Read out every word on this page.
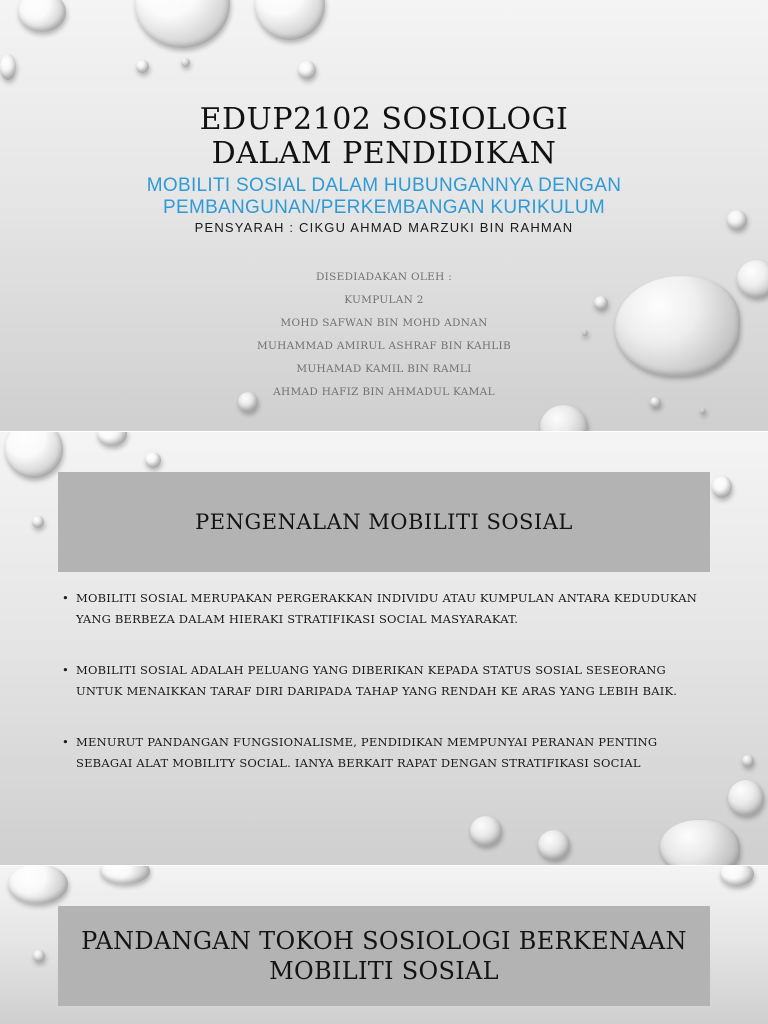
EDUP2102 SOSIOLOGI
DALAM PENDIDIKAN
MOBILITI SOSIAL DALAM HUBUNGANNYA DENGAN
PEMBANGUNAN/PERKEMBANGAN KURIKULUM
PENSYARAH : CIKGU AHMAD MARZUKI BIN RAHMAN
DISEDIADAKAN OLEH :
KUMPULAN 2
MOHD SAFWAN BIN MOHD ADNAN
MUHAMMAD AMIRUL ASHRAF BIN KAHLIB
MUHAMAD KAMIL BIN RAMLI
AHMAD HAFIZ BIN AHMADUL KAMAL
PENGENALAN MOBILITI SOSIAL
• MOBILITI SOSIAL MERUPAKAN PERGERAKKAN INDIVIDU ATAU KUMPULAN ANTARA KEDUDUKAN YANG BERBEZA DALAM HIERAKI STRATIFIKASI SOCIAL MASYARAKAT.
• MOBILITI SOSIAL ADALAH PELUANG YANG DIBERIKAN KEPADA STATUS SOSIAL SESEORANG UNTUK MENAIKKAN TARAF DIRI DARIPADA TAHAP YANG RENDAH KE ARAS YANG LEBIH BAIK.
• MENURUT PANDANGAN FUNGSIONALISME, PENDIDIKAN MEMPUNYAI PERANAN PENTING SEBAGAI ALAT MOBILITY SOCIAL. IANYA BERKAIT RAPAT DENGAN STRATIFIKASI SOCIAL
PANDANGAN TOKOH SOSIOLOGI BERKENAAN
MOBILITI SOSIAL
